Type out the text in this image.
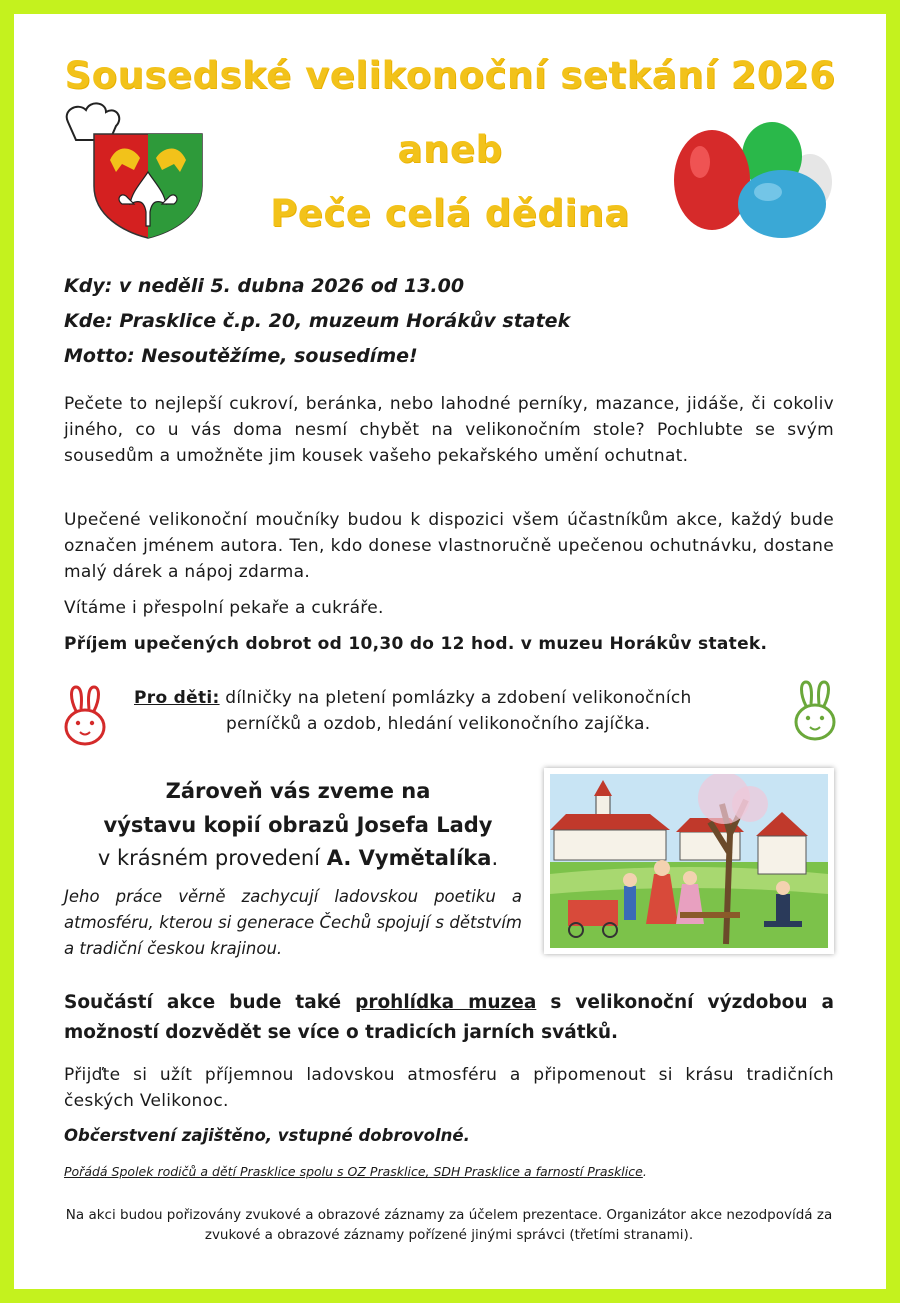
Sousedské velikonoční setkání 2026
aneb
Peče celá dědina
Kdy: v neděli 5. dubna 2026 od 13.00
Kde: Prasklice č.p. 20, muzeum Horákův statek
Motto: Nesoutěžíme, sousedíme!
Pečete to nejlepší cukroví, beránka, nebo lahodné perníky, mazance, jidáše, či cokoliv jiného, co u vás doma nesmí chybět na velikonočním stole? Pochlubte se svým sousedům a umožněte jim kousek vašeho pekařského umění ochutnat.
Upečené velikonoční moučníky budou k dispozici všem účastníkům akce, každý bude označen jménem autora. Ten, kdo donese vlastnoručně upečenou ochutnávku, dostane malý dárek a nápoj zdarma.
Vítáme i přespolní pekaře a cukráře.
Příjem upečených dobrot od 10,30 do 12 hod. v muzeu Horákův statek.
Pro děti: dílničky na pletení pomlázky a zdobení velikonočních
perníčků a ozdob, hledání velikonočního zajíčka.
Zároveň vás zveme na
výstavu kopií obrazů Josefa Lady
v krásném provedení A. Vymětalíka.
Jeho práce věrně zachycují ladovskou poetiku a atmosféru, kterou si generace Čechů spojují s dětstvím a tradiční českou krajinou.
Součástí akce bude také prohlídka muzea s velikonoční výzdobou a možností dozvědět se více o tradicích jarních svátků.
Přijďte si užít příjemnou ladovskou atmosféru a připomenout si krásu tradičních českých Velikonoc.
Občerstvení zajištěno, vstupné dobrovolné.
Pořádá Spolek rodičů a dětí Prasklice spolu s OZ Prasklice, SDH Prasklice a farností Prasklice.
Na akci budou pořizovány zvukové a obrazové záznamy za účelem prezentace. Organizátor akce nezodpovídá za zvukové a obrazové záznamy pořízené jinými správci (třetími stranami).
